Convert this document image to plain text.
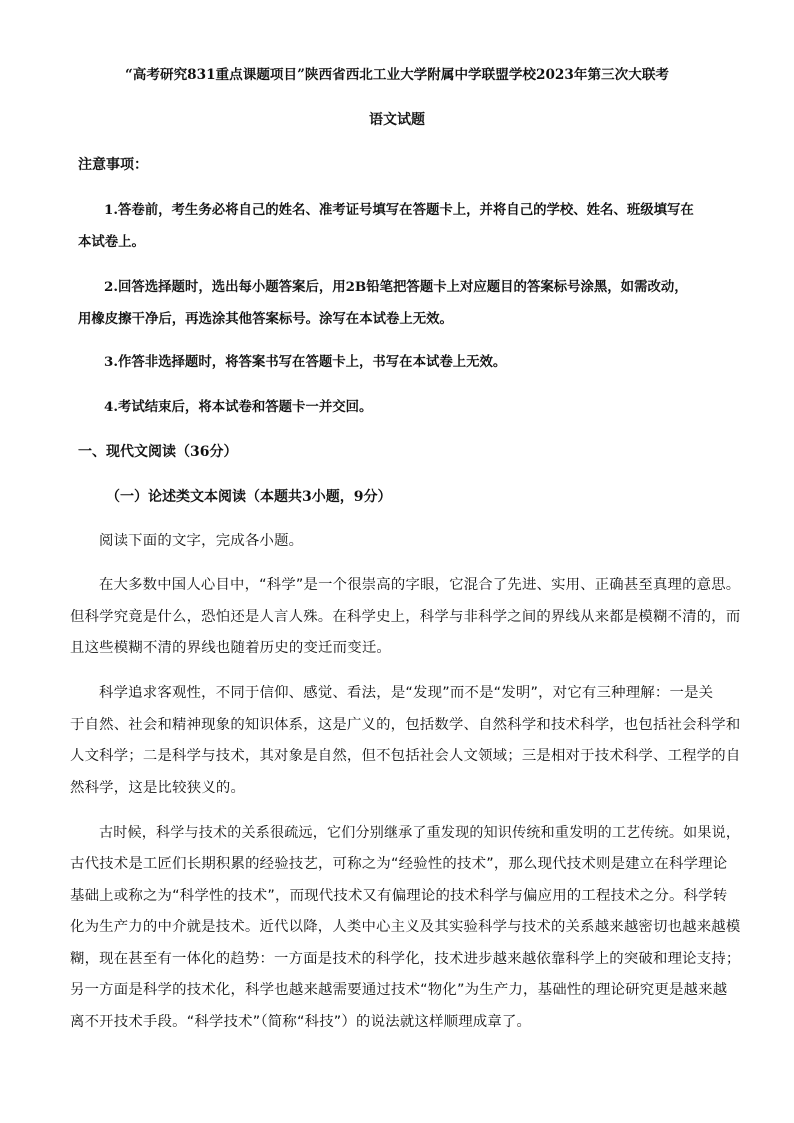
“高考研究831重点课题项目”陕西省西北工业大学附属中学联盟学校2023年第三次大联考
语文试题
注意事项：
1.答卷前，考生务必将自己的姓名、准考证号填写在答题卡上，并将自己的学校、姓名、班级填写在
本试卷上。
2.回答选择题时，选出每小题答案后，用2B铅笔把答题卡上对应题目的答案标号涂黑，如需改动，
用橡皮擦干净后，再选涂其他答案标号。涂写在本试卷上无效。
3.作答非选择题时，将答案书写在答题卡上，书写在本试卷上无效。
4.考试结束后，将本试卷和答题卡一并交回。
一、现代文阅读（36分）
（一）论述类文本阅读（本题共3小题，9分）
阅读下面的文字，完成各小题。
在大多数中国人心目中，“科学”是一个很崇高的字眼，它混合了先进、实用、正确甚至真理的意思。
但科学究竟是什么，恐怕还是人言人殊。在科学史上，科学与非科学之间的界线从来都是模糊不清的，而
且这些模糊不清的界线也随着历史的变迁而变迁。
科学追求客观性，不同于信仰、感觉、看法，是“发现”而不是“发明”，对它有三种理解：一是关
于自然、社会和精神现象的知识体系，这是广义的，包括数学、自然科学和技术科学，也包括社会科学和
人文科学；二是科学与技术，其对象是自然，但不包括社会人文领域；三是相对于技术科学、工程学的自
然科学，这是比较狭义的。
古时候，科学与技术的关系很疏远，它们分别继承了重发现的知识传统和重发明的工艺传统。如果说，
古代技术是工匠们长期积累的经验技艺，可称之为“经验性的技术”，那么现代技术则是建立在科学理论
基础上或称之为“科学性的技术”，而现代技术又有偏理论的技术科学与偏应用的工程技术之分。科学转
化为生产力的中介就是技术。近代以降，人类中心主义及其实验科学与技术的关系越来越密切也越来越模
糊，现在甚至有一体化的趋势：一方面是技术的科学化，技术进步越来越依靠科学上的突破和理论支持；
另一方面是科学的技术化，科学也越来越需要通过技术“物化”为生产力，基础性的理论研究更是越来越
离不开技术手段。“科学技术”（简称“科技”）的说法就这样顺理成章了。
